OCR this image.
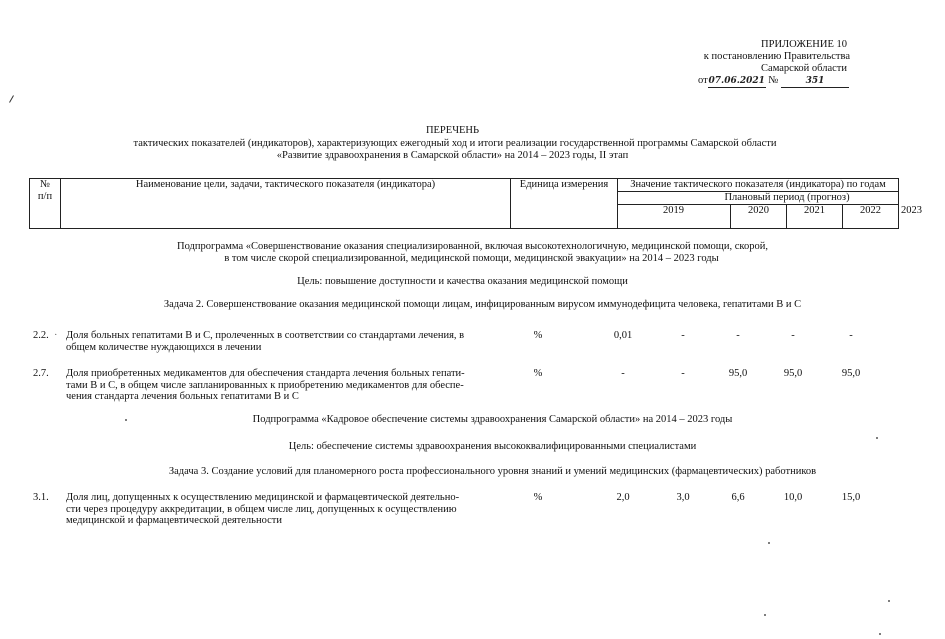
ПРИЛОЖЕНИЕ 10
к постановлению Правительства
Самарской области
от07.06.2021 №	351
ПЕРЕЧЕНЬ
тактических показателей (индикаторов), характеризующих ежегодный ход и итоги реализации государственной программы Самарской области
«Развитие здравоохранения в Самарской области» на 2014 – 2023 годы, II этап
№
п/п	Наименование цели, задачи, тактического показателя (индикатора)	Единица измерения	Значение тактического показателя (индикатора) по годам				
			Плановый период (прогноз)				
			2019	2020	2021	2022	2023
Подпрограмма «Совершенствование оказания специализированной, включая высокотехнологичную, медицинской помощи, скорой,
в том числе скорой специализированной, медицинской помощи, медицинской эвакуации» на 2014 – 2023 годы
Цель: повышение доступности и качества оказания медицинской помощи
Задача 2. Совершенствование оказания медицинской помощи лицам, инфицированным вирусом иммунодефицита человека, гепатитами В и С
2.2. · Доля больных гепатитами В и С, пролеченных в соответствии со стандартами лечения, в
общем количестве нуждающихся в лечении
%	0,01	-	-	-	-
2.7. Доля приобретенных медикаментов для обеспечения стандарта лечения больных гепати-
тами В и С, в общем числе запланированных к приобретению медикаментов для обеспе-
чения стандарта лечения больных гепатитами В и С
%	-	-	95,0	95,0	95,0
Подпрограмма «Кадровое обеспечение системы здравоохранения Самарской области» на 2014 – 2023 годы
Цель: обеспечение системы здравоохранения высококвалифицированными специалистами
Задача 3. Создание условий для планомерного роста профессионального уровня знаний и умений медицинских (фармацевтических) работников
3.1. Доля лиц, допущенных к осуществлению медицинской и фармацевтической деятельно-
сти через процедуру аккредитации, в общем числе лиц, допущенных к осуществлению
медицинской и фармацевтической деятельности
%	2,0	3,0	6,6	10,0	15,0
